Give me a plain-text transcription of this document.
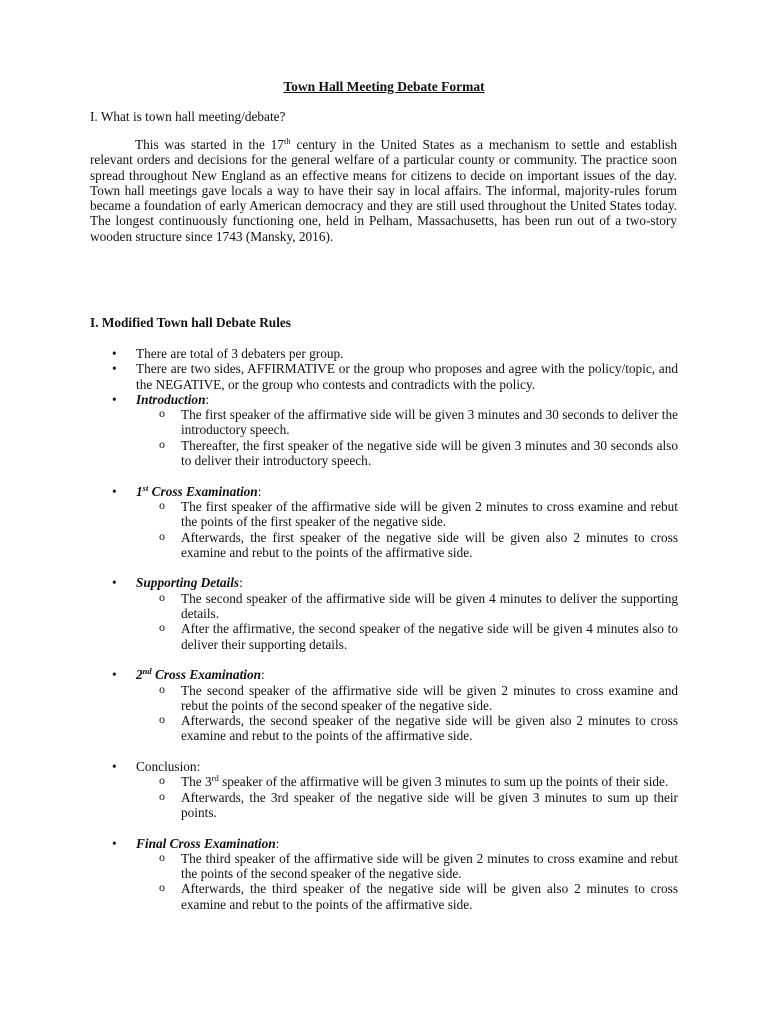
Town Hall Meeting Debate Format
I. What is town hall meeting/debate?

This was started in the 17th century in the United States as a mechanism to settle and establish relevant orders and decisions for the general welfare of a particular county or community. The practice soon spread throughout New England as an effective means for citizens to decide on important issues of the day. Town hall meetings gave locals a way to have their say in local affairs. The informal, majority-rules forum became a foundation of early American democracy and they are still used throughout the United States today. The longest continuously functioning one, held in Pelham, Massachusetts, has been run out of a two-story wooden structure since 1743 (Mansky, 2016).

I. Modified Town hall Debate Rules
• There are total of 3 debaters per group.
• There are two sides, AFFIRMATIVE or the group who proposes and agree with the policy/topic, and the NEGATIVE, or the group who contests and contradicts with the policy.
• Introduction:
o The first speaker of the affirmative side will be given 3 minutes and 30 seconds to deliver the introductory speech.
o Thereafter, the first speaker of the negative side will be given 3 minutes and 30 seconds also to deliver their introductory speech.
• 1st Cross Examination:
o The first speaker of the affirmative side will be given 2 minutes to cross examine and rebut the points of the first speaker of the negative side.
o Afterwards, the first speaker of the negative side will be given also 2 minutes to cross examine and rebut to the points of the affirmative side.
• Supporting Details:
o The second speaker of the affirmative side will be given 4 minutes to deliver the supporting details.
o After the affirmative, the second speaker of the negative side will be given 4 minutes also to deliver their supporting details.
• 2nd Cross Examination:
o The second speaker of the affirmative side will be given 2 minutes to cross examine and rebut the points of the second speaker of the negative side.
o Afterwards, the second speaker of the negative side will be given also 2 minutes to cross examine and rebut to the points of the affirmative side.
• Conclusion:
o The 3rd speaker of the affirmative will be given 3 minutes to sum up the points of their side.
o Afterwards, the 3rd speaker of the negative side will be given 3 minutes to sum up their points.
• Final Cross Examination:
o The third speaker of the affirmative side will be given 2 minutes to cross examine and rebut the points of the second speaker of the negative side.
o Afterwards, the third speaker of the negative side will be given also 2 minutes to cross examine and rebut to the points of the affirmative side.
